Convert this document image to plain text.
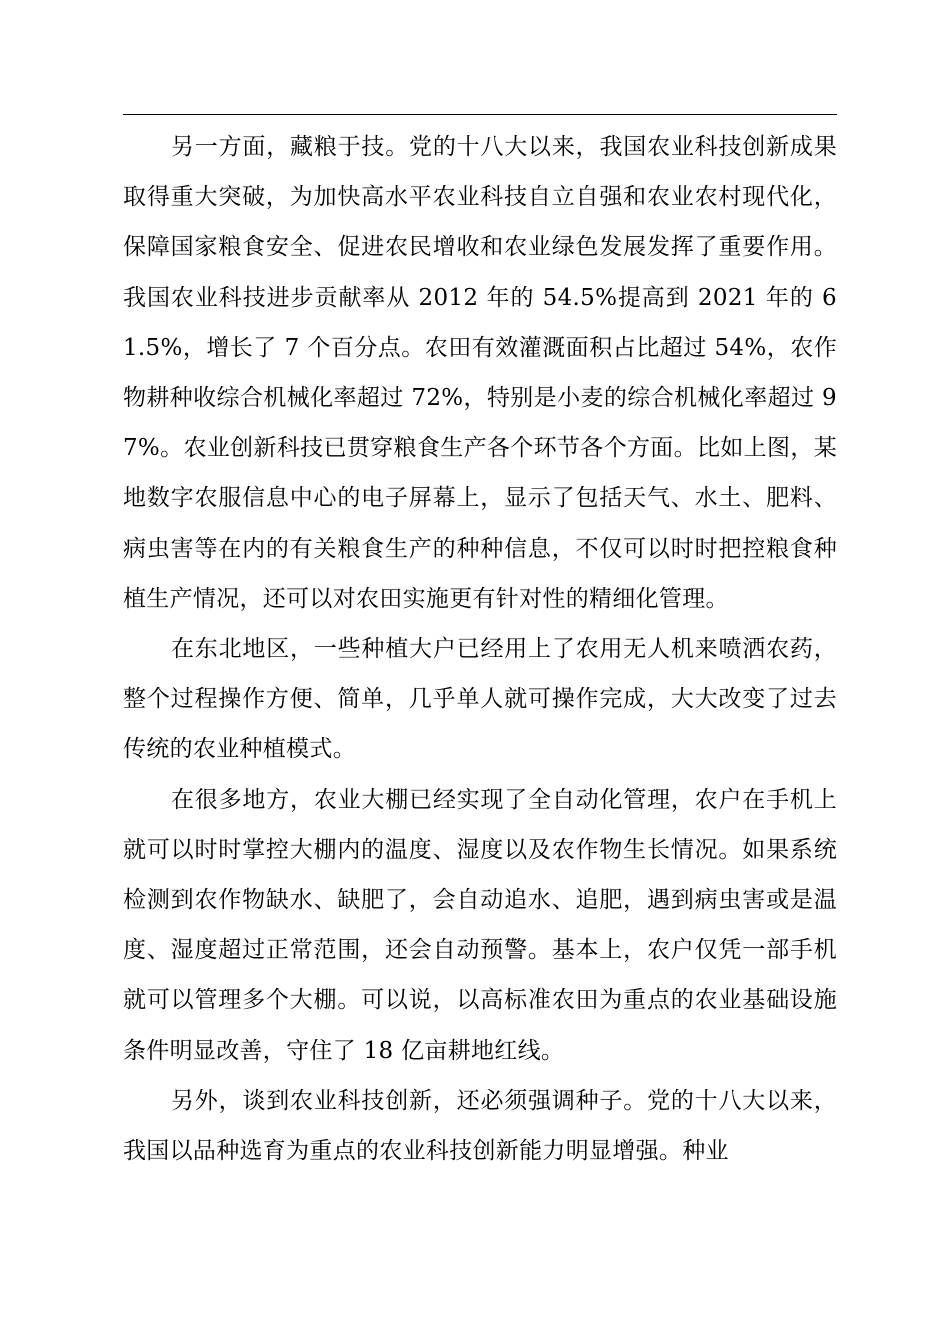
另一方面，藏粮于技。党的十八大以来，我国农业科技创新成果取得重大突破，为加快高水平农业科技自立自强和农业农村现代化，保障国家粮食安全、促进农民增收和农业绿色发展发挥了重要作用。我国农业科技进步贡献率从 2012 年的 54.5%提高到 2021 年的 61.5%，增长了 7 个百分点。农田有效灌溉面积占比超过 54%，农作物耕种收综合机械化率超过 72%，特别是小麦的综合机械化率超过 97%。农业创新科技已贯穿粮食生产各个环节各个方面。比如上图，某地数字农服信息中心的电子屏幕上，显示了包括天气、水土、肥料、病虫害等在内的有关粮食生产的种种信息，不仅可以时时把控粮食种植生产情况，还可以对农田实施更有针对性的精细化管理。

在东北地区，一些种植大户已经用上了农用无人机来喷洒农药，整个过程操作方便、简单，几乎单人就可操作完成，大大改变了过去传统的农业种植模式。

在很多地方，农业大棚已经实现了全自动化管理，农户在手机上就可以时时掌控大棚内的温度、湿度以及农作物生长情况。如果系统检测到农作物缺水、缺肥了，会自动追水、追肥，遇到病虫害或是温度、湿度超过正常范围，还会自动预警。基本上，农户仅凭一部手机就可以管理多个大棚。可以说，以高标准农田为重点的农业基础设施条件明显改善，守住了 18 亿亩耕地红线。

另外，谈到农业科技创新，还必须强调种子。党的十八大以来，我国以品种选育为重点的农业科技创新能力明显增强。种业
